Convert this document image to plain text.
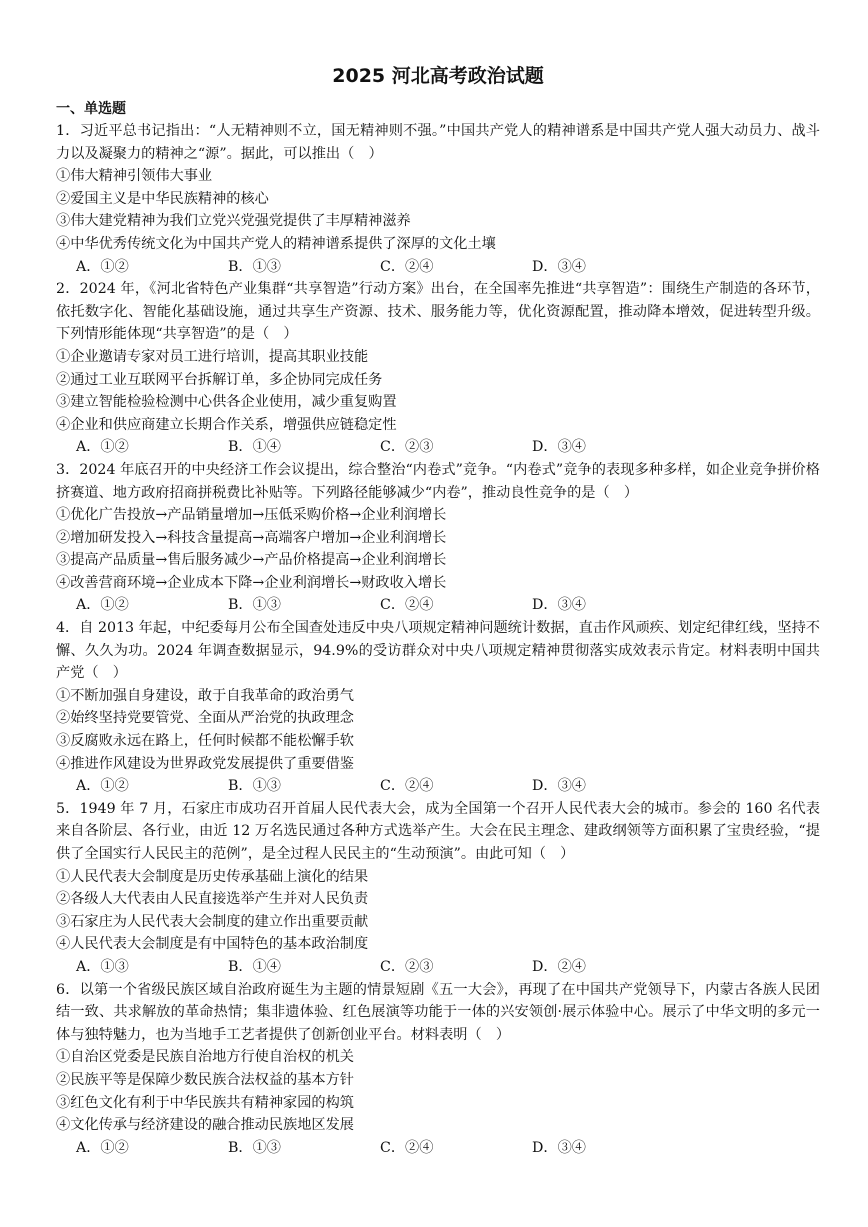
2025 河北高考政治试题
一、单选题

1．习近平总书记指出：“人无精神则不立，国无精神则不强。”中国共产党人的精神谱系是中国共产党人强大动员力、战斗力以及凝聚力的精神之“源”。据此，可以推出（　）

①伟大精神引领伟大事业

②爱国主义是中华民族精神的核心

③伟大建党精神为我们立党兴党强党提供了丰厚精神滋养

④中华优秀传统文化为中国共产党人的精神谱系提供了深厚的文化土壤

A．①②	B．①③	C．②④	D．③④

2．2024 年，《河北省特色产业集群“共享智造”行动方案》出台，在全国率先推进“共享智造”：围绕生产制造的各环节，依托数字化、智能化基础设施，通过共享生产资源、技术、服务能力等，优化资源配置，推动降本增效，促进转型升级。下列情形能体现“共享智造”的是（　）

①企业邀请专家对员工进行培训，提高其职业技能

②通过工业互联网平台拆解订单，多企协同完成任务

③建立智能检验检测中心供各企业使用，减少重复购置

④企业和供应商建立长期合作关系，增强供应链稳定性

A．①②	B．①④	C．②③	D．③④

3．2024 年底召开的中央经济工作会议提出，综合整治“内卷式”竞争。“内卷式”竞争的表现多种多样，如企业竞争拼价格挤赛道、地方政府招商拼税费比补贴等。下列路径能够减少“内卷”，推动良性竞争的是（　）

①优化广告投放→产品销量增加→压低采购价格→企业利润增长

②增加研发投入→科技含量提高→高端客户增加→企业利润增长

③提高产品质量→售后服务减少→产品价格提高→企业利润增长

④改善营商环境→企业成本下降→企业利润增长→财政收入增长

A．①②	B．①③	C．②④	D．③④

4．自 2013 年起，中纪委每月公布全国查处违反中央八项规定精神问题统计数据，直击作风顽疾、划定纪律红线，坚持不懈、久久为功。2024 年调查数据显示，94.9%的受访群众对中央八项规定精神贯彻落实成效表示肯定。材料表明中国共产党（　）

①不断加强自身建设，敢于自我革命的政治勇气

②始终坚持党要管党、全面从严治党的执政理念

③反腐败永远在路上，任何时候都不能松懈手软

④推进作风建设为世界政党发展提供了重要借鉴

A．①②	B．①③	C．②④	D．③④

5．1949 年 7 月，石家庄市成功召开首届人民代表大会，成为全国第一个召开人民代表大会的城市。参会的 160 名代表来自各阶层、各行业，由近 12 万名选民通过各种方式选举产生。大会在民主理念、建政纲领等方面积累了宝贵经验，“提供了全国实行人民民主的范例”，是全过程人民民主的“生动预演”。由此可知（　）

①人民代表大会制度是历史传承基础上演化的结果

②各级人大代表由人民直接选举产生并对人民负责

③石家庄为人民代表大会制度的建立作出重要贡献

④人民代表大会制度是有中国特色的基本政治制度

A．①③	B．①④	C．②③	D．②④

6．以第一个省级民族区域自治政府诞生为主题的情景短剧《五一大会》，再现了在中国共产党领导下，内蒙古各族人民团结一致、共求解放的革命热情；集非遗体验、红色展演等功能于一体的兴安领创·展示体验中心。展示了中华文明的多元一体与独特魅力，也为当地手工艺者提供了创新创业平台。材料表明（　）

①自治区党委是民族自治地方行使自治权的机关

②民族平等是保障少数民族合法权益的基本方针

③红色文化有利于中华民族共有精神家园的构筑

④文化传承与经济建设的融合推动民族地区发展

A．①②	B．①③	C．②④	D．③④
